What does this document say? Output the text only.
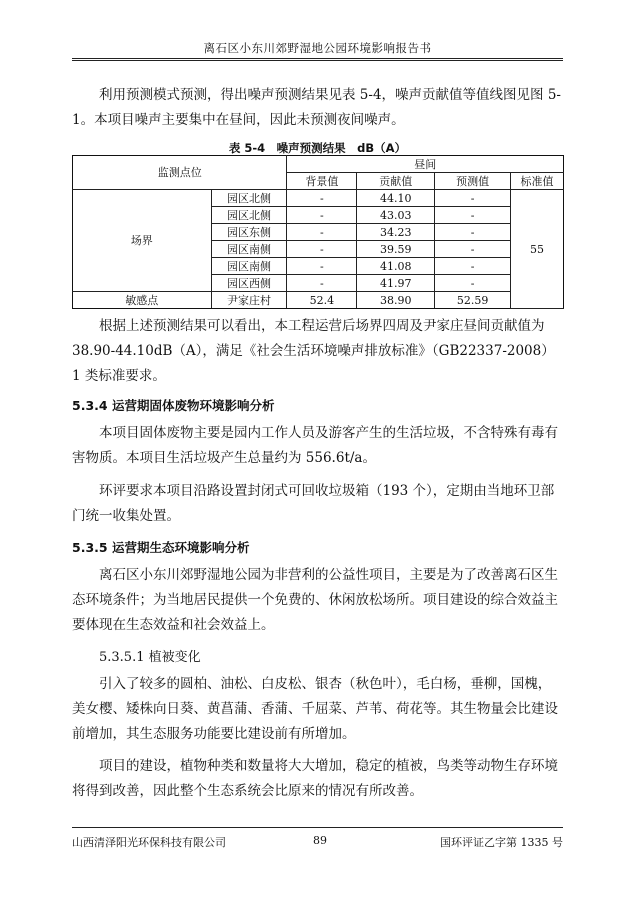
离石区小东川郊野湿地公园环境影响报告书

利用预测模式预测，得出噪声预测结果见表 5-4，噪声贡献值等值线图见图 5-1。本项目噪声主要集中在昼间，因此未预测夜间噪声。

表 5-4　噪声预测结果　dB（A）
监测点位		昼间			
		背景值	贡献值	预测值	标准值
场界	园区北侧	-	44.10	-	55
	园区北侧	-	43.03	-	
	园区东侧	-	34.23	-	
	园区南侧	-	39.59	-	
	园区南侧	-	41.08	-	
	园区西侧	-	41.97	-	
敏感点	尹家庄村	52.4	38.90	52.59	

根据上述预测结果可以看出，本工程运营后场界四周及尹家庄昼间贡献值为 38.90-44.10dB（A），满足《社会生活环境噪声排放标准》（GB22337-2008）1 类标准要求。

5.3.4 运营期固体废物环境影响分析

本项目固体废物主要是园内工作人员及游客产生的生活垃圾，不含特殊有毒有害物质。本项目生活垃圾产生总量约为 556.6t/a。

环评要求本项目沿路设置封闭式可回收垃圾箱（193 个），定期由当地环卫部门统一收集处置。

5.3.5 运营期生态环境影响分析

离石区小东川郊野湿地公园为非营利的公益性项目，主要是为了改善离石区生态环境条件；为当地居民提供一个免费的、休闲放松场所。项目建设的综合效益主要体现在生态效益和社会效益上。

5.3.5.1 植被变化

引入了较多的圆柏、油松、白皮松、银杏（秋色叶），毛白杨，垂柳，国槐，美女樱、矮株向日葵、黄菖蒲、香蒲、千屈菜、芦苇、荷花等。其生物量会比建设前增加，其生态服务功能要比建设前有所增加。

项目的建设，植物种类和数量将大大增加，稳定的植被，鸟类等动物生存环境将得到改善，因此整个生态系统会比原来的情况有所改善。

山西清泽阳光环保科技有限公司	89	国环评证乙字第 1335 号
